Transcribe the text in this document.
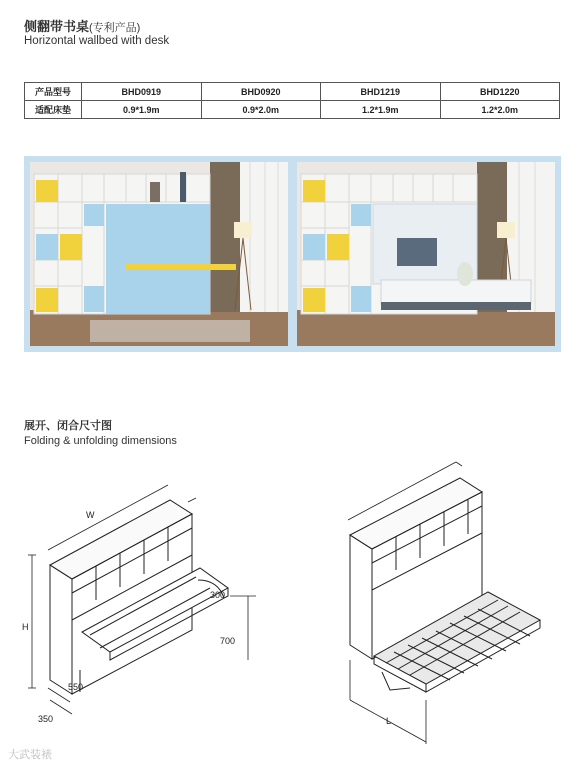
侧翻带书桌(专利产品)
Horizontal wallbed with desk
产品型号	BHD0919	BHD0920	BHD1219	BHD1220
适配床垫	0.9*1.9m	0.9*2.0m	1.2*1.9m	1.2*2.0m
展开、闭合尺寸图
Folding & unfolding dimensions
W
H
300
700
550
350	L
大武装裱
